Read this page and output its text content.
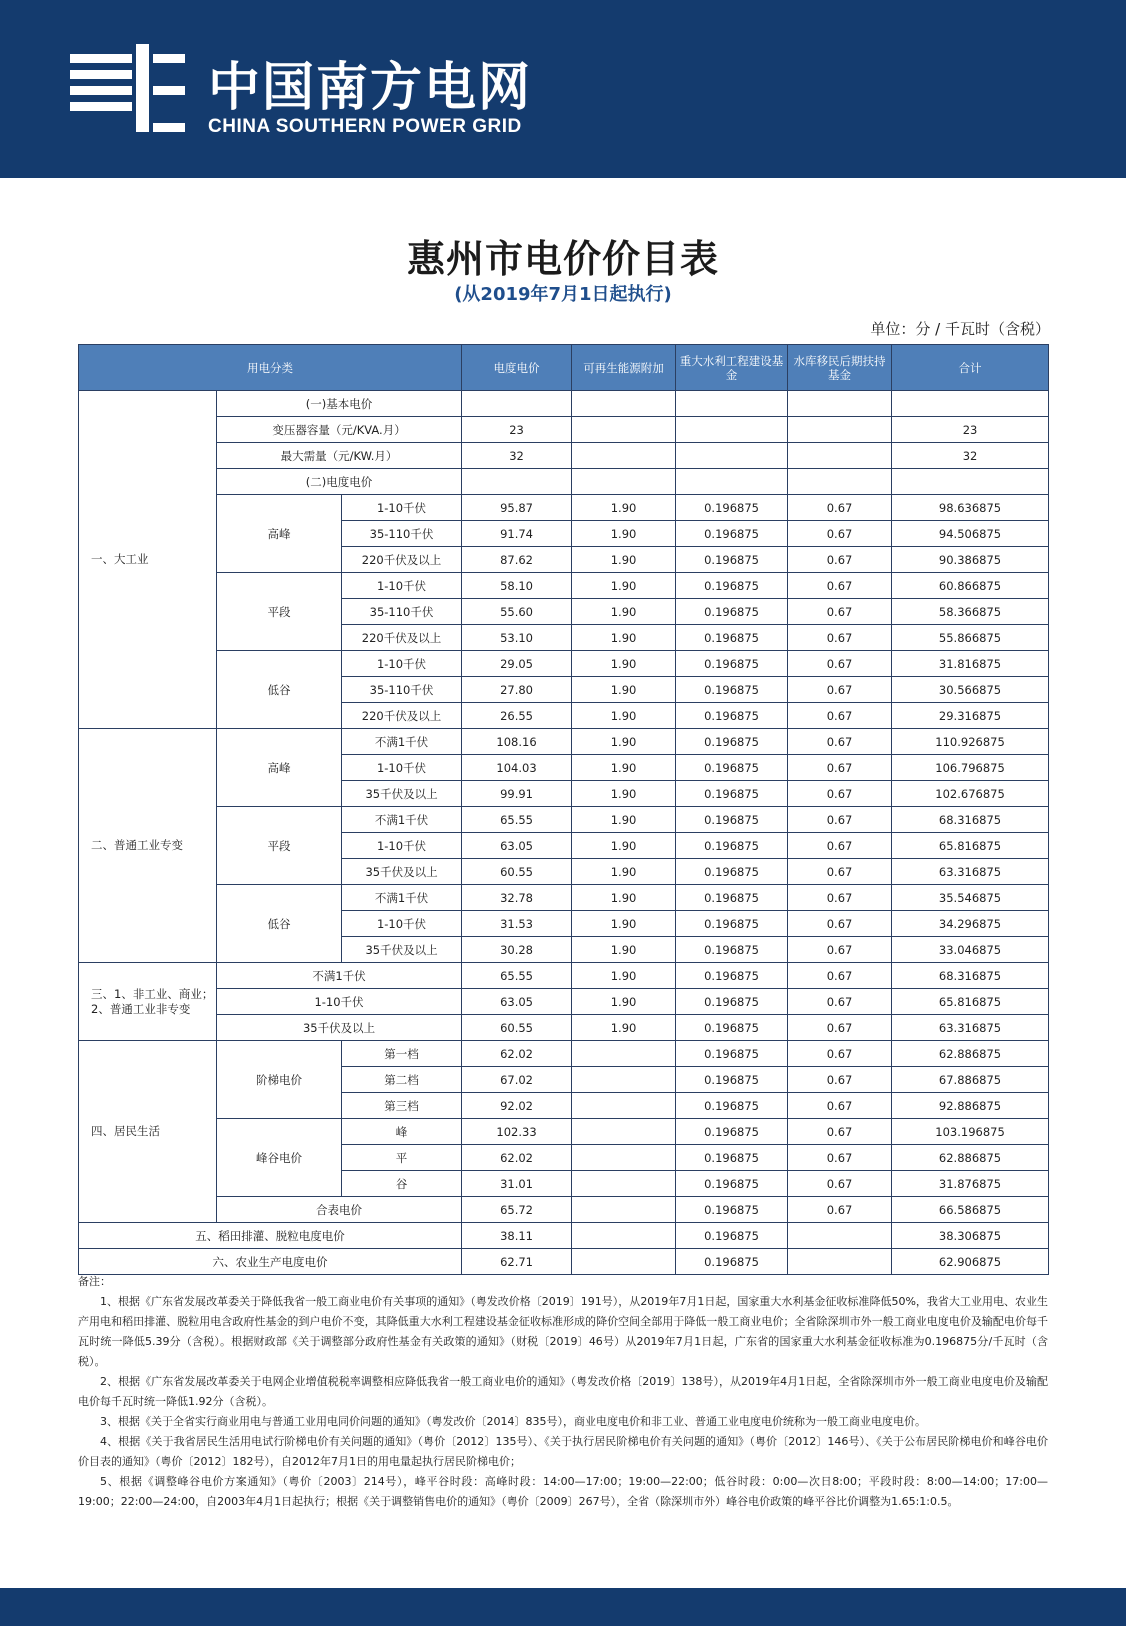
中国南方电网
CHINA SOUTHERN POWER GRID
惠州市电价价目表
(从2019年7月1日起执行)
单位：分 / 千瓦时（含税）
用电分类			电度电价	可再生能源附加	重大水利工程建设基金	水库移民后期扶持基金	合计
一、大工业	(一)基本电价						
	变压器容量（元/KVA.月）		23				23
	最大需量（元/KW.月）		32				32
	(二)电度电价						
	高峰	1-10千伏	95.87	1.90	0.196875	0.67	98.636875
		35-110千伏	91.74	1.90	0.196875	0.67	94.506875
		220千伏及以上	87.62	1.90	0.196875	0.67	90.386875
	平段	1-10千伏	58.10	1.90	0.196875	0.67	60.866875
		35-110千伏	55.60	1.90	0.196875	0.67	58.366875
		220千伏及以上	53.10	1.90	0.196875	0.67	55.866875
	低谷	1-10千伏	29.05	1.90	0.196875	0.67	31.816875
		35-110千伏	27.80	1.90	0.196875	0.67	30.566875
		220千伏及以上	26.55	1.90	0.196875	0.67	29.316875
二、普通工业专变	高峰	不满1千伏	108.16	1.90	0.196875	0.67	110.926875
		1-10千伏	104.03	1.90	0.196875	0.67	106.796875
		35千伏及以上	99.91	1.90	0.196875	0.67	102.676875
	平段	不满1千伏	65.55	1.90	0.196875	0.67	68.316875
		1-10千伏	63.05	1.90	0.196875	0.67	65.816875
		35千伏及以上	60.55	1.90	0.196875	0.67	63.316875
	低谷	不满1千伏	32.78	1.90	0.196875	0.67	35.546875
		1-10千伏	31.53	1.90	0.196875	0.67	34.296875
		35千伏及以上	30.28	1.90	0.196875	0.67	33.046875
三、1、非工业、商业；2、普通工业非专变	不满1千伏		65.55	1.90	0.196875	0.67	68.316875
	1-10千伏		63.05	1.90	0.196875	0.67	65.816875
	35千伏及以上		60.55	1.90	0.196875	0.67	63.316875
四、居民生活	阶梯电价	第一档	62.02		0.196875	0.67	62.886875
		第二档	67.02		0.196875	0.67	67.886875
		第三档	92.02		0.196875	0.67	92.886875
	峰谷电价	峰	102.33		0.196875	0.67	103.196875
		平	62.02		0.196875	0.67	62.886875
		谷	31.01		0.196875	0.67	31.876875
	合表电价		65.72		0.196875	0.67	66.586875
五、稻田排灌、脱粒电度电价			38.11		0.196875		38.306875
六、农业生产电度电价			62.71		0.196875		62.906875

备注：

1、根据《广东省发展改革委关于降低我省一般工商业电价有关事项的通知》（粤发改价格〔2019〕191号），从2019年7月1日起，国家重大水利基金征收标准降低50%，我省大工业用电、农业生产用电和稻田排灌、脱粒用电含政府性基金的到户电价不变，其降低重大水利工程建设基金征收标准形成的降价空间全部用于降低一般工商业电价；全省除深圳市外一般工商业电度电价及输配电价每千瓦时统一降低5.39分（含税）。根据财政部《关于调整部分政府性基金有关政策的通知》（财税〔2019〕46号）从2019年7月1日起，广东省的国家重大水利基金征收标准为0.196875分/千瓦时（含税）。

2、根据《广东省发展改革委关于电网企业增值税税率调整相应降低我省一般工商业电价的通知》（粤发改价格〔2019〕138号），从2019年4月1日起，全省除深圳市外一般工商业电度电价及输配电价每千瓦时统一降低1.92分（含税）。

3、根据《关于全省实行商业用电与普通工业用电同价问题的通知》（粤发改价〔2014〕835号），商业电度电价和非工业、普通工业电度电价统称为一般工商业电度电价。

4、根据《关于我省居民生活用电试行阶梯电价有关问题的通知》（粤价〔2012〕135号）、《关于执行居民阶梯电价有关问题的通知》（粤价〔2012〕146号）、《关于公布居民阶梯电价和峰谷电价价目表的通知》（粤价〔2012〕182号），自2012年7月1日的用电量起执行居民阶梯电价；

5、根据《调整峰谷电价方案通知》（粤价〔2003〕214号），峰平谷时段：高峰时段：14:00—17:00；19:00—22:00；低谷时段：0:00—次日8:00；平段时段：8:00—14:00；17:00—19:00；22:00—24:00，自2003年4月1日起执行；根据《关于调整销售电价的通知》（粤价〔2009〕267号），全省（除深圳市外）峰谷电价政策的峰平谷比价调整为1.65:1:0.5。
